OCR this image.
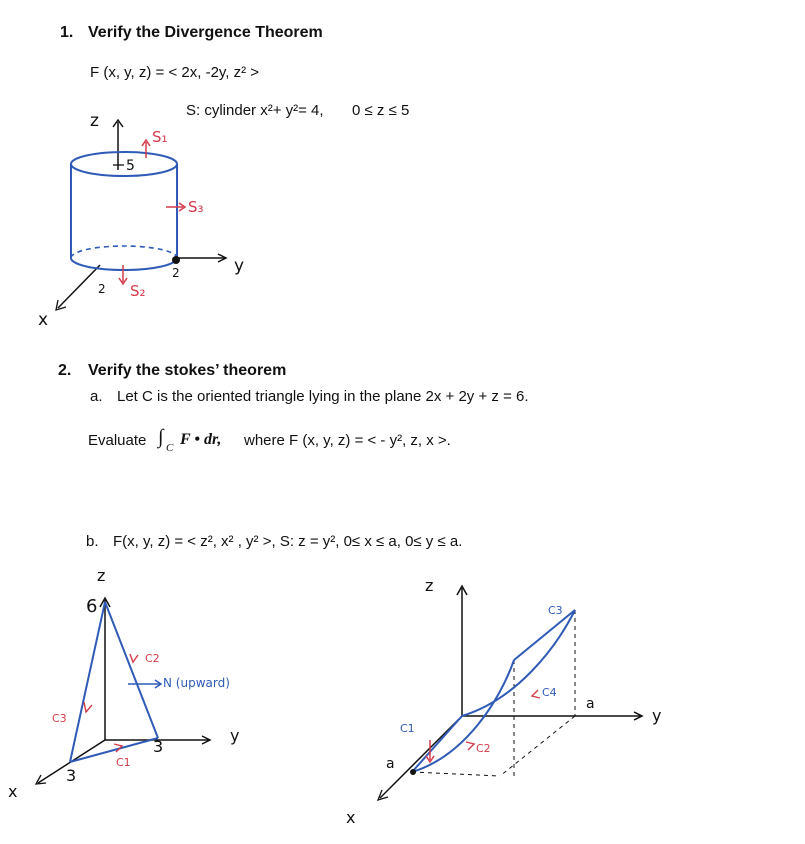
1. Verify the Divergence Theorem
F (x, y, z) = < 2x, -2y, z² >
S: cylinder x²+ y²= 4, 0 ≤ z ≤ 5
z
y
x
S₁
S₃
S₂
5
2
2
2. Verify the stokes’ theorem
a. Let C is the oriented triangle lying in the plane 2x + 2y + z = 6.
Evaluate ∫ C F • dr, where F (x, y, z) = < - y², z, x >.
b. F(x, y, z) = < z², x² , y² >, S: z = y², 0≤ x ≤ a, 0≤ y ≤ a.
z
y
x
6
3
3
C2
C3
C1
N (upward)
z
y
x
a
a
C1
C2
C3
C4
